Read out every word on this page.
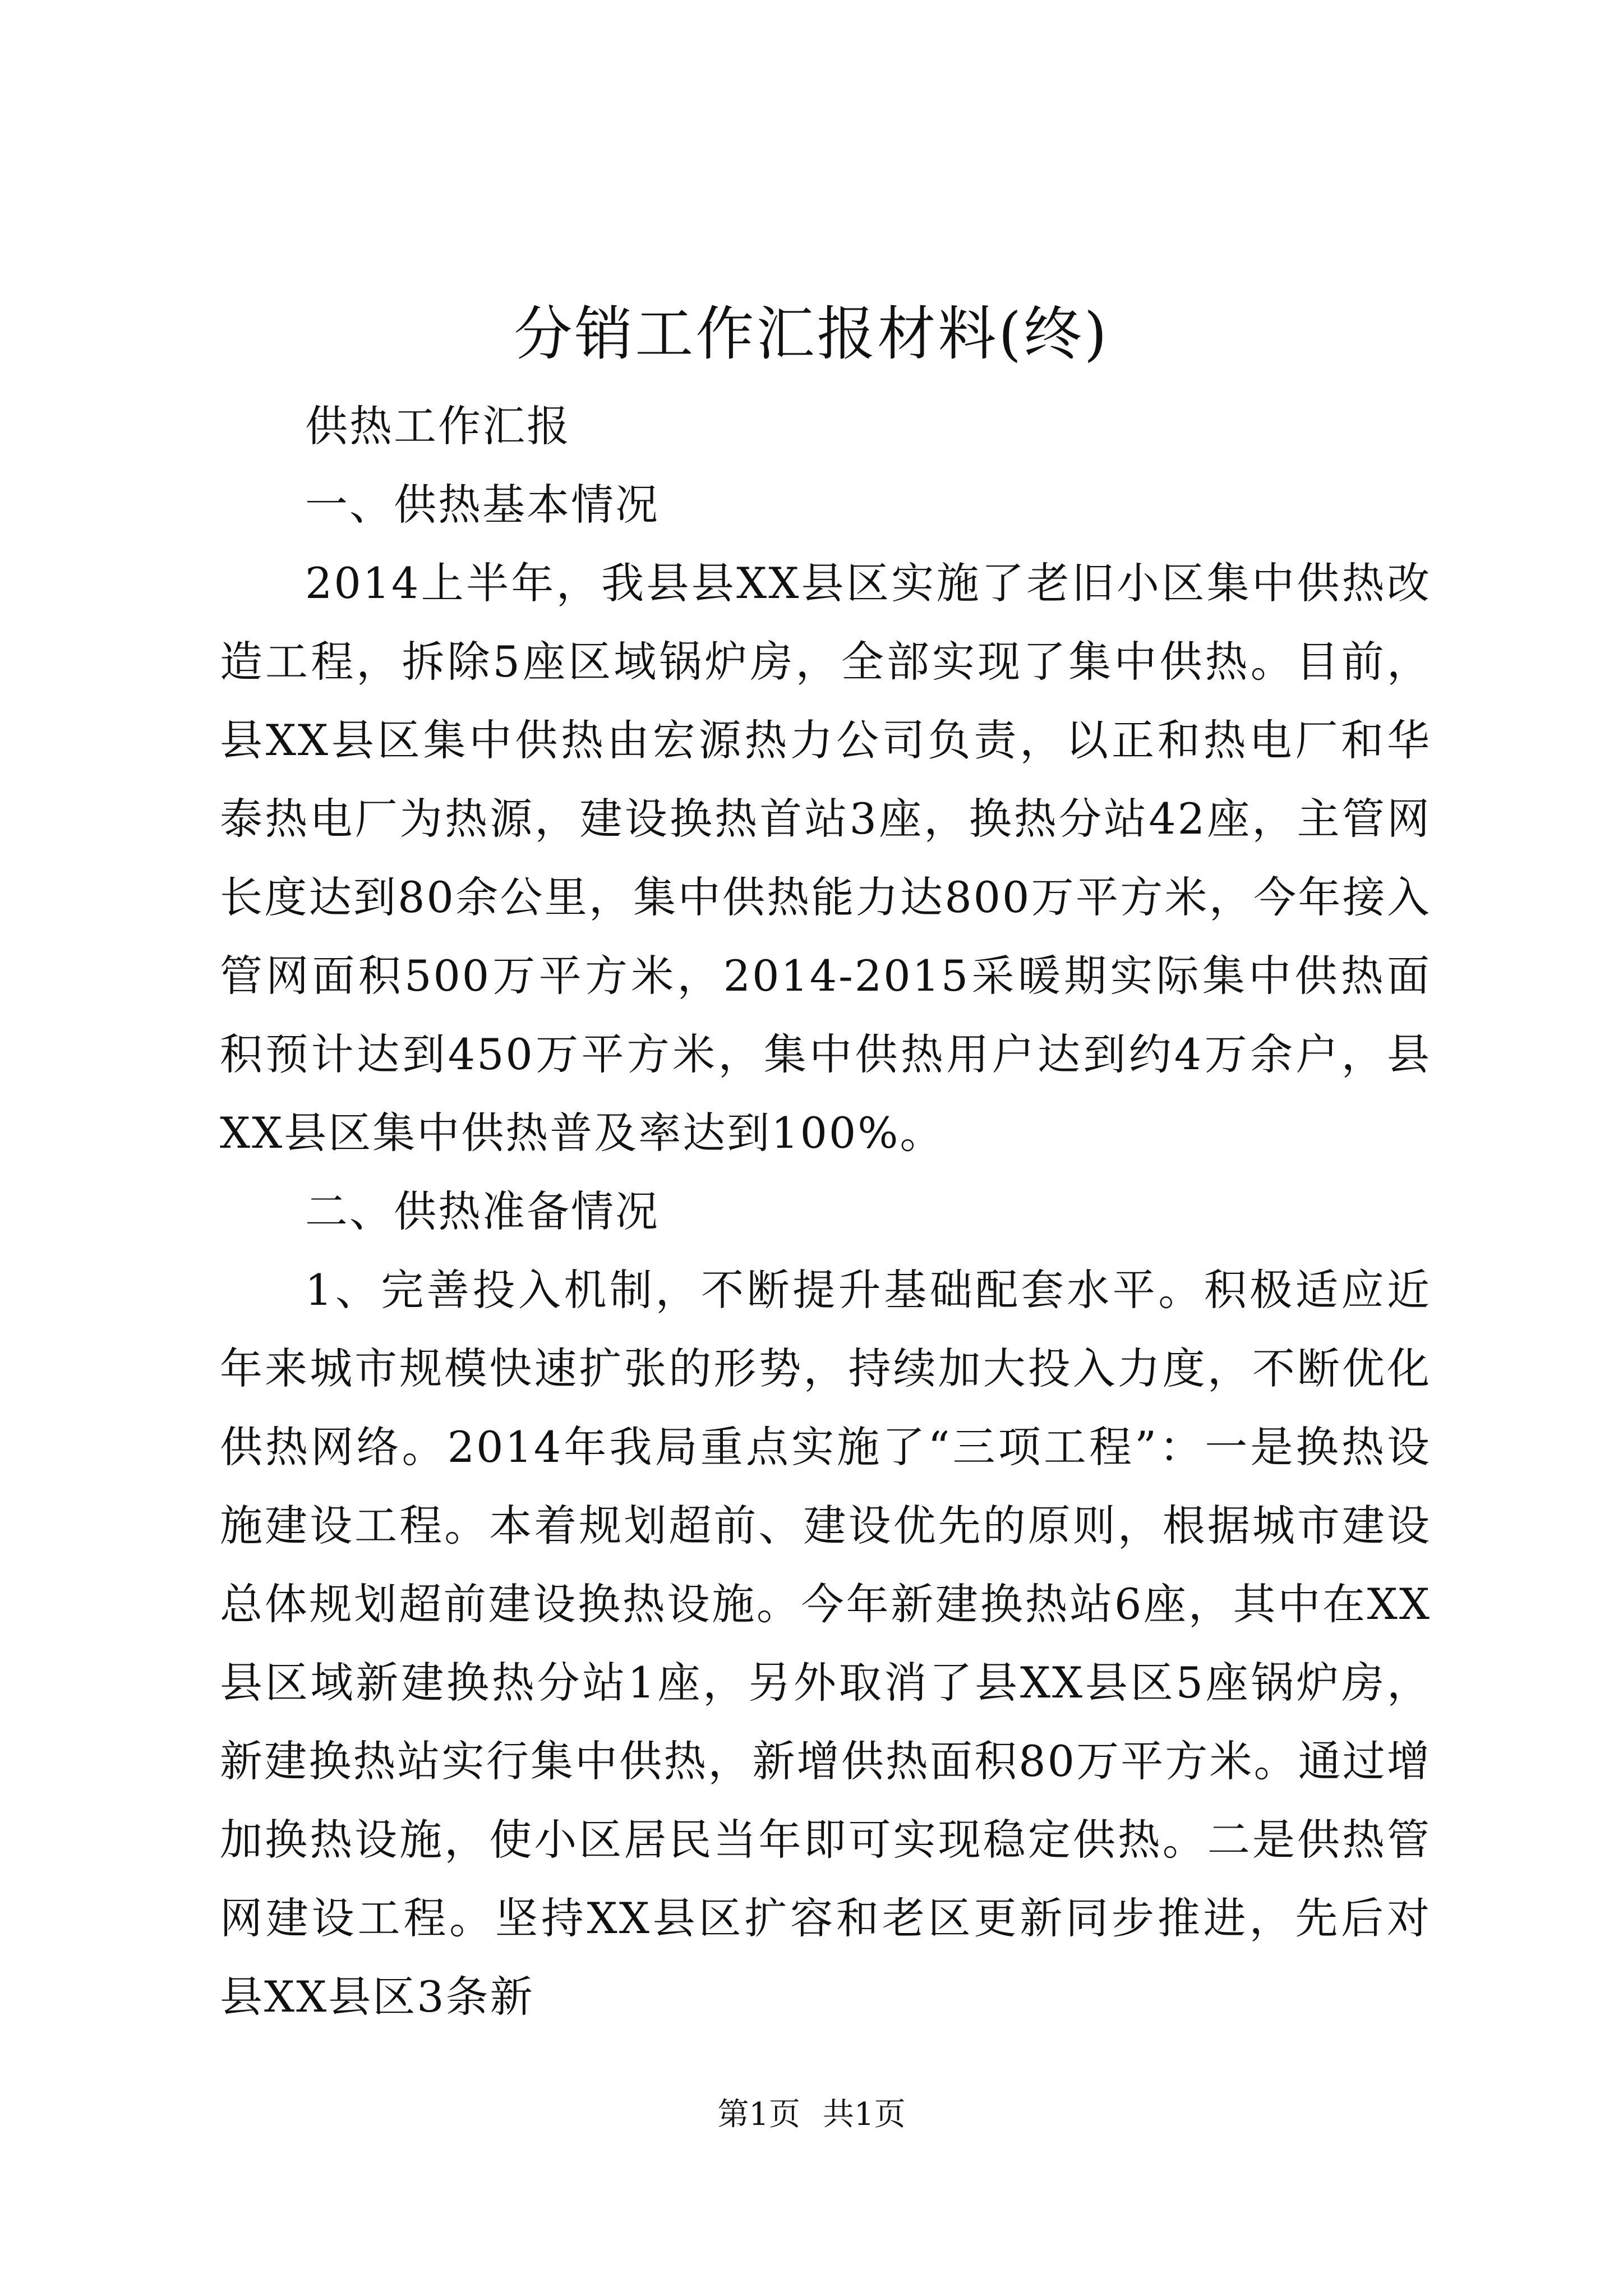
分销工作汇报材料(终)

供热工作汇报

一、供热基本情况

2014上半年，我县县XX县区实施了老旧小区集中供热改造工程，拆除5座区域锅炉房，全部实现了集中供热。目前，县XX县区集中供热由宏源热力公司负责，以正和热电厂和华泰热电厂为热源，建设换热首站3座，换热分站42座，主管网长度达到80余公里，集中供热能力达800万平方米，今年接入管网面积500万平方米，2014-2015采暖期实际集中供热面积预计达到450万平方米，集中供热用户达到约4万余户，县XX县区集中供热普及率达到100%。

二、供热准备情况

1、完善投入机制，不断提升基础配套水平。积极适应近年来城市规模快速扩张的形势，持续加大投入力度，不断优化供热网络。2014年我局重点实施了“三项工程”：一是换热设施建设工程。本着规划超前、建设优先的原则，根据城市建设总体规划超前建设换热设施。今年新建换热站6座，其中在XX县区域新建换热分站1座，另外取消了县XX县区5座锅炉房，新建换热站实行集中供热，新增供热面积80万平方米。通过增加换热设施，使小区居民当年即可实现稳定供热。二是供热管网建设工程。坚持XX县区扩容和老区更新同步推进，先后对县XX县区3条新

第1页 共1页
